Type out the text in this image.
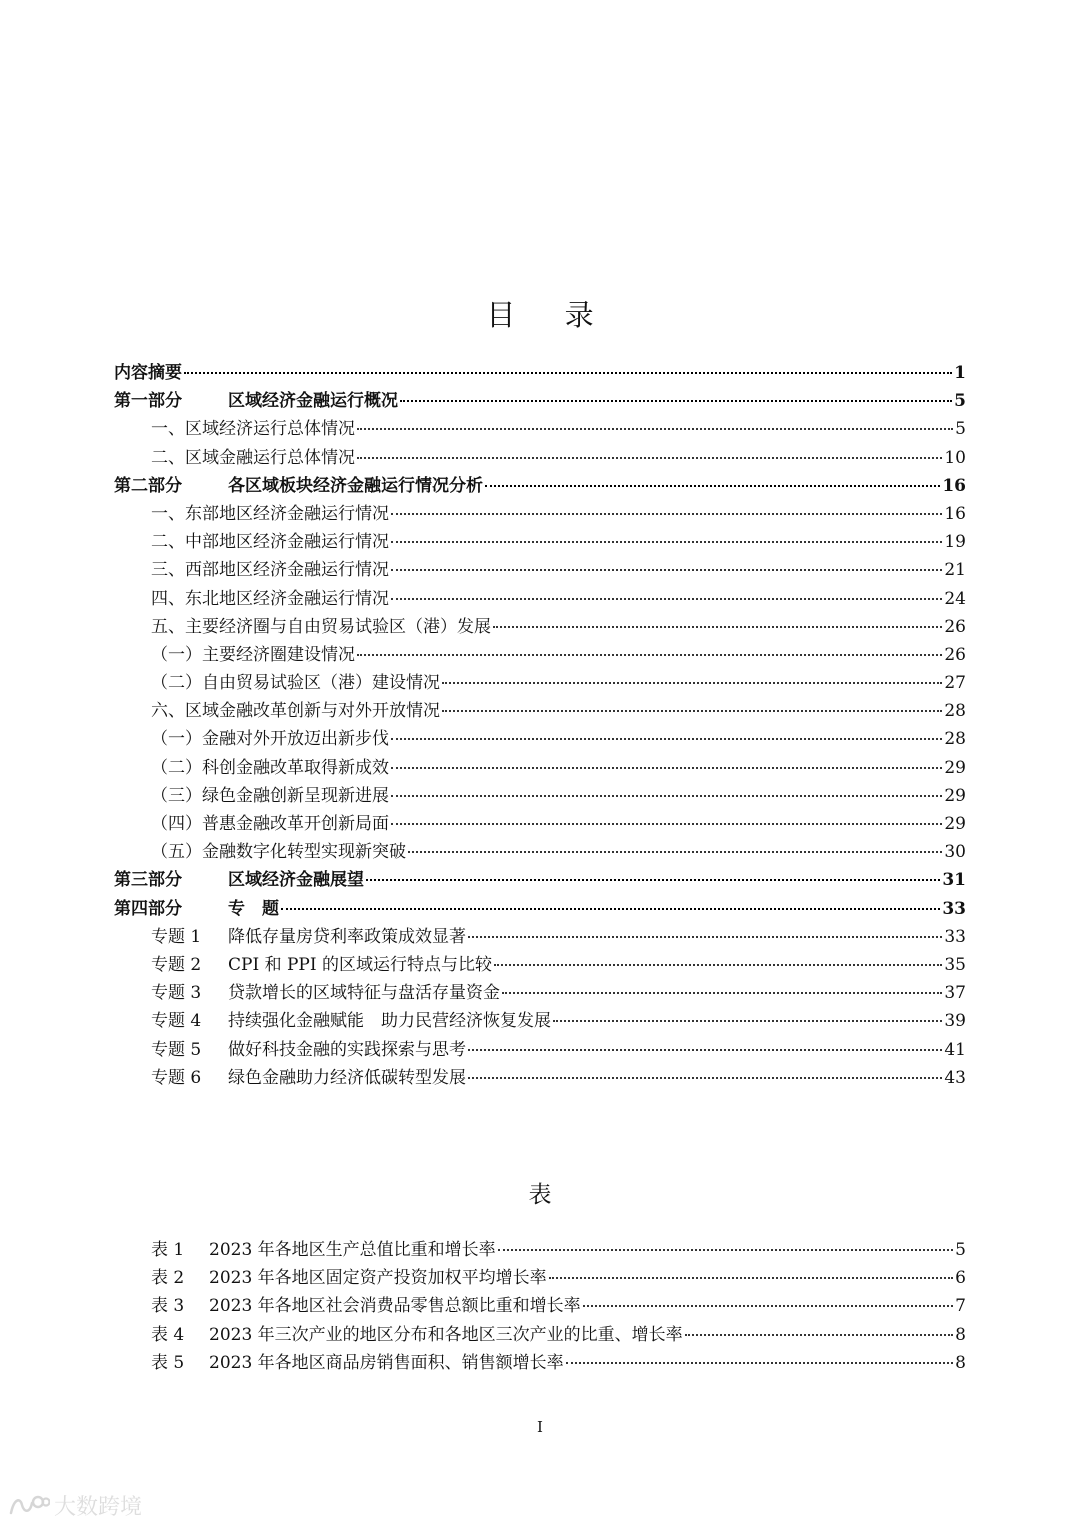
目 录
内容摘要	1
第一部分	区域经济金融运行概况	5
一、区域经济运行总体情况	5
二、区域金融运行总体情况	10
第二部分	各区域板块经济金融运行情况分析	16
一、东部地区经济金融运行情况	16
二、中部地区经济金融运行情况	19
三、西部地区经济金融运行情况	21
四、东北地区经济金融运行情况	24
五、主要经济圈与自由贸易试验区（港）发展	26
（一）主要经济圈建设情况	26
（二）自由贸易试验区（港）建设情况	27
六、区域金融改革创新与对外开放情况	28
（一）金融对外开放迈出新步伐	28
（二）科创金融改革取得新成效	29
（三）绿色金融创新呈现新进展	29
（四）普惠金融改革开创新局面	29
（五）金融数字化转型实现新突破	30
第三部分	区域经济金融展望	31
第四部分	专　题	33
专题 1	降低存量房贷利率政策成效显著	33
专题 2	CPI 和 PPI 的区域运行特点与比较	35
专题 3	贷款增长的区域特征与盘活存量资金	37
专题 4	持续强化金融赋能　助力民营经济恢复发展	39
专题 5	做好科技金融的实践探索与思考	41
专题 6	绿色金融助力经济低碳转型发展	43
表
表 1	2023 年各地区生产总值比重和增长率	5
表 2	2023 年各地区固定资产投资加权平均增长率	6
表 3	2023 年各地区社会消费品零售总额比重和增长率	7
表 4	2023 年三次产业的地区分布和各地区三次产业的比重、增长率	8
表 5	2023 年各地区商品房销售面积、销售额增长率	8
I
大数跨境
